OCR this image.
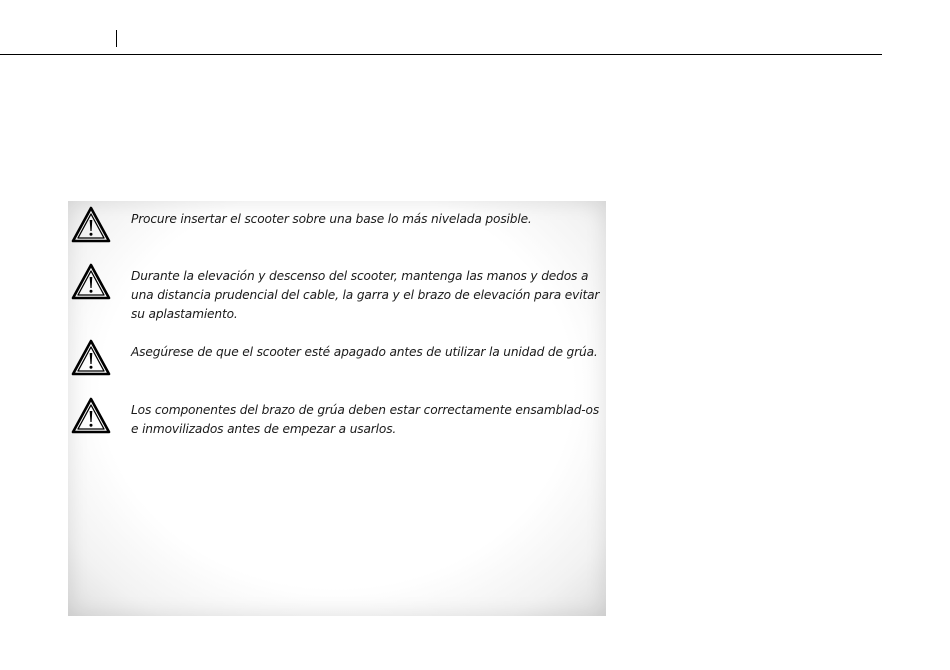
Procure insertar el scooter sobre una base lo más nivelada posible.

Durante la elevación y descenso del scooter, mantenga las manos y dedos a una distancia prudencial del cable, la garra y el brazo de elevación para evitar su aplastamiento.

Asegúrese de que el scooter esté apagado antes de utilizar la unidad de grúa.

Los componentes del brazo de grúa deben estar correctamente ensamblad-os e inmovilizados antes de empezar a usarlos.
